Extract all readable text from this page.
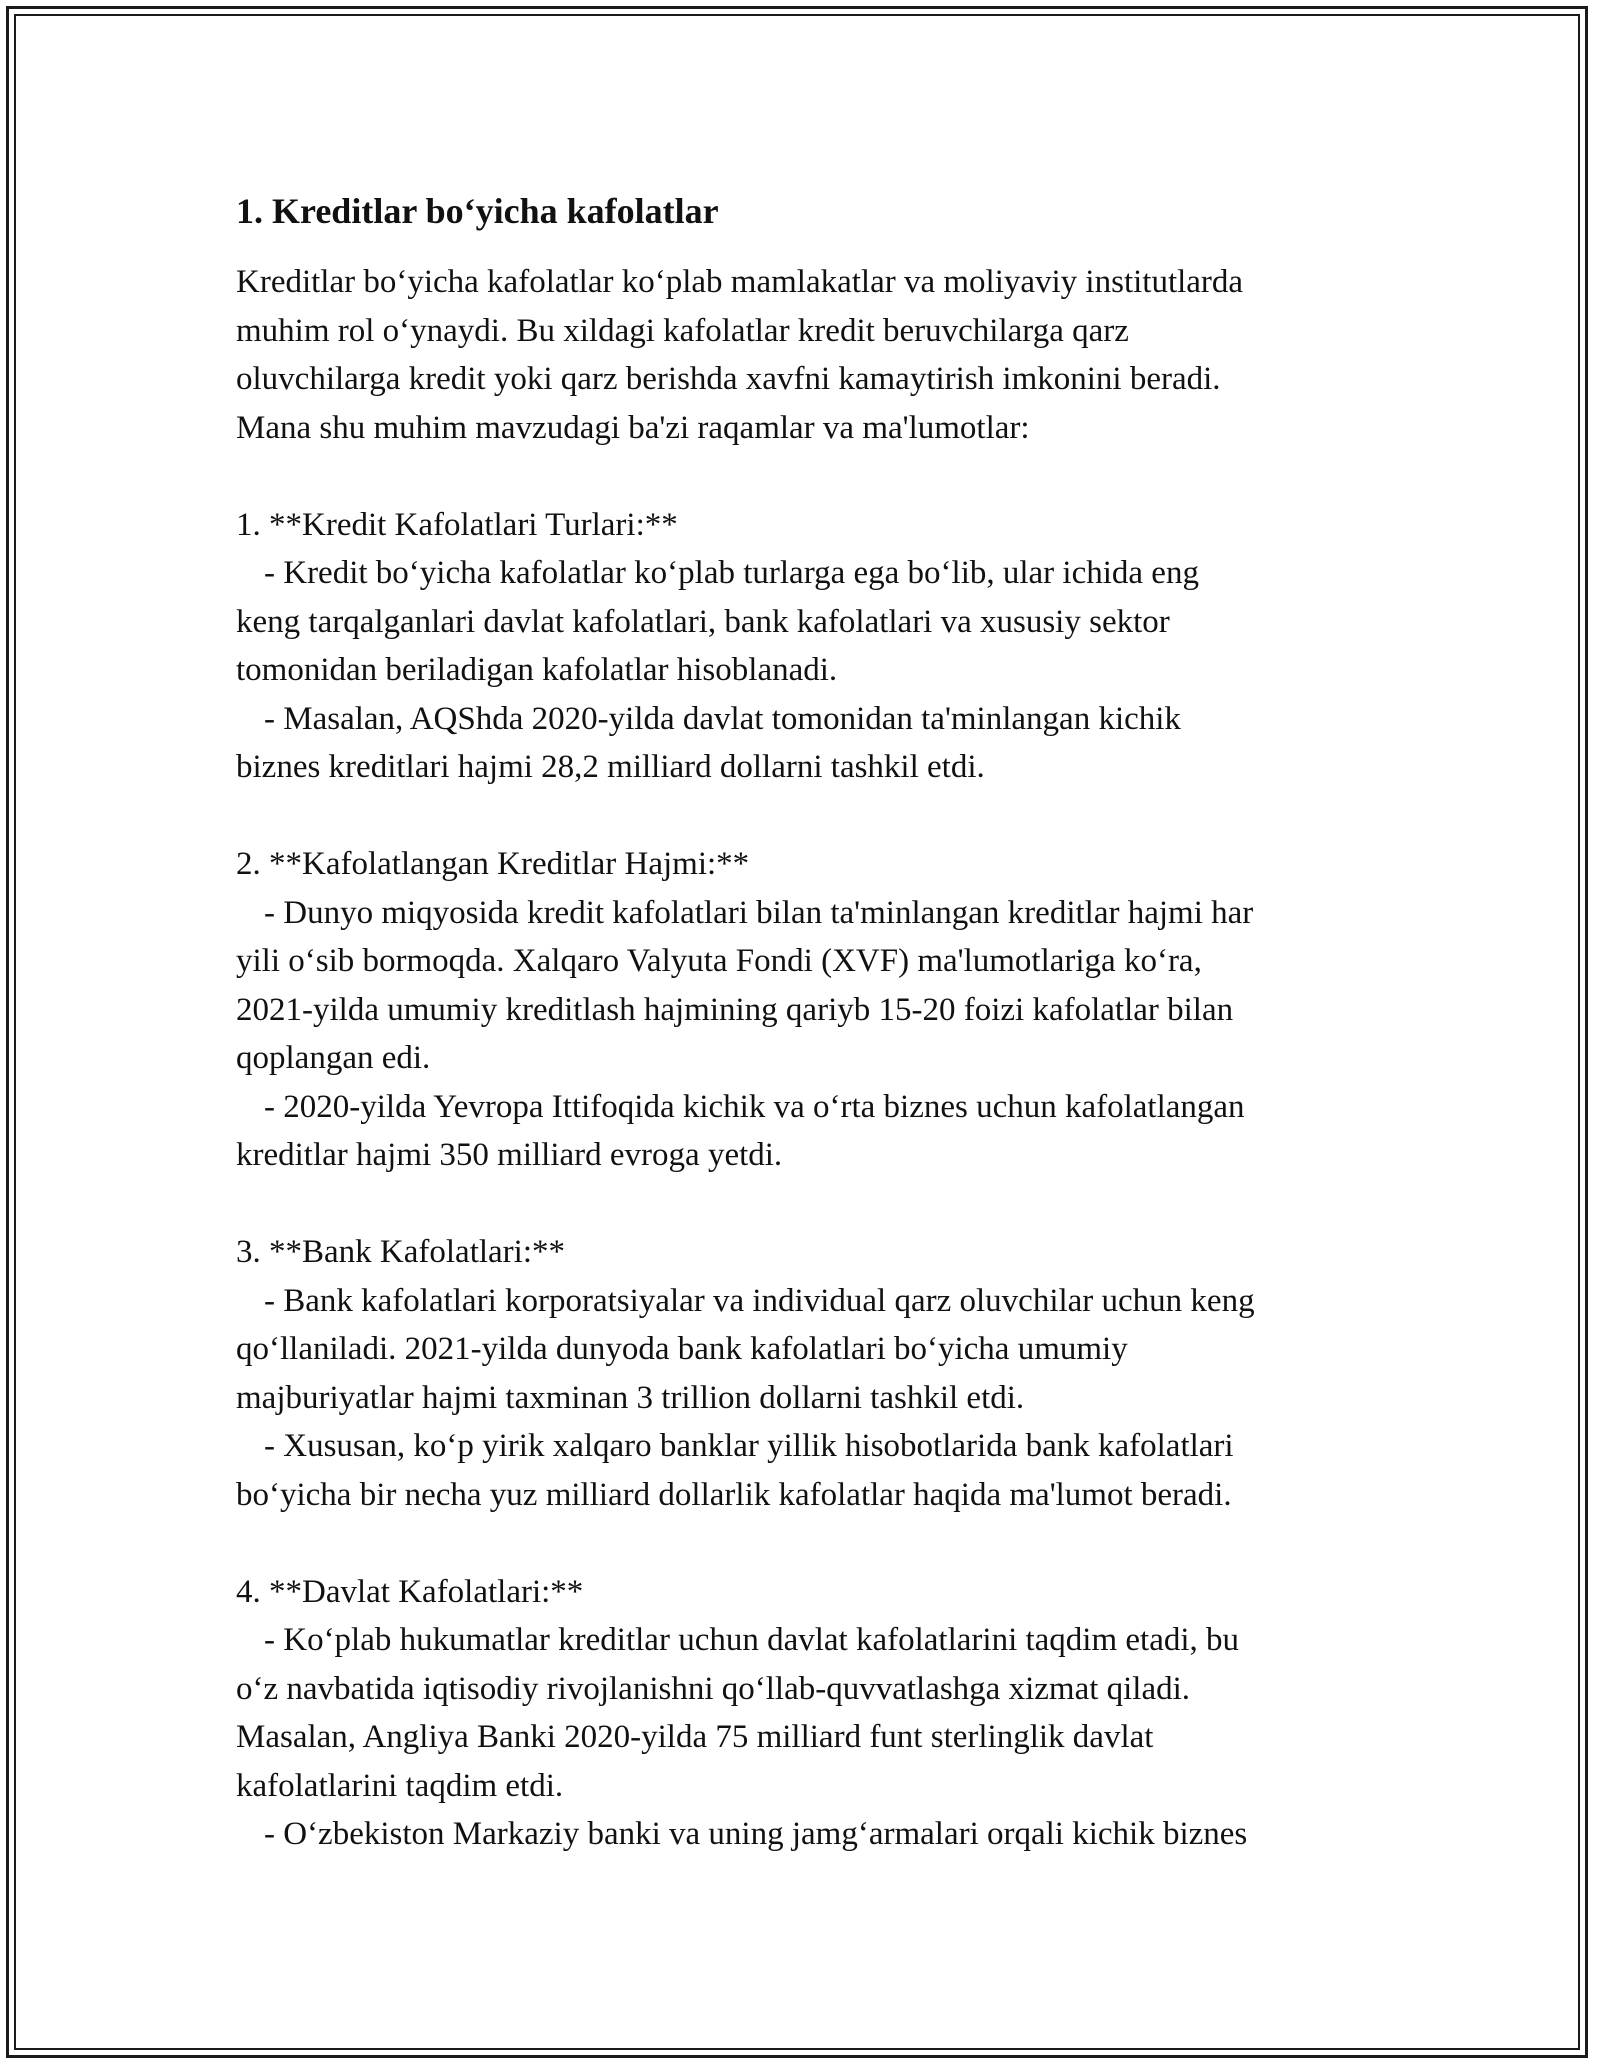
1. Kreditlar bo‘yicha kafolatlar
Kreditlar bo‘yicha kafolatlar ko‘plab mamlakatlar va moliyaviy institutlarda
muhim rol o‘ynaydi. Bu xildagi kafolatlar kredit beruvchilarga qarz
oluvchilarga kredit yoki qarz berishda xavfni kamaytirish imkonini beradi.
Mana shu muhim mavzudagi ba'zi raqamlar va ma'lumotlar:
1. **Kredit Kafolatlari Turlari:**
- Kredit bo‘yicha kafolatlar ko‘plab turlarga ega bo‘lib, ular ichida eng
keng tarqalganlari davlat kafolatlari, bank kafolatlari va xususiy sektor
tomonidan beriladigan kafolatlar hisoblanadi.
- Masalan, AQShda 2020-yilda davlat tomonidan ta'minlangan kichik
biznes kreditlari hajmi 28,2 milliard dollarni tashkil etdi.
2. **Kafolatlangan Kreditlar Hajmi:**
- Dunyo miqyosida kredit kafolatlari bilan ta'minlangan kreditlar hajmi har
yili o‘sib bormoqda. Xalqaro Valyuta Fondi (XVF) ma'lumotlariga ko‘ra,
2021-yilda umumiy kreditlash hajmining qariyb 15-20 foizi kafolatlar bilan
qoplangan edi.
- 2020-yilda Yevropa Ittifoqida kichik va o‘rta biznes uchun kafolatlangan
kreditlar hajmi 350 milliard evroga yetdi.
3. **Bank Kafolatlari:**
- Bank kafolatlari korporatsiyalar va individual qarz oluvchilar uchun keng
qo‘llaniladi. 2021-yilda dunyoda bank kafolatlari bo‘yicha umumiy
majburiyatlar hajmi taxminan 3 trillion dollarni tashkil etdi.
- Xususan, ko‘p yirik xalqaro banklar yillik hisobotlarida bank kafolatlari
bo‘yicha bir necha yuz milliard dollarlik kafolatlar haqida ma'lumot beradi.
4. **Davlat Kafolatlari:**
- Ko‘plab hukumatlar kreditlar uchun davlat kafolatlarini taqdim etadi, bu
o‘z navbatida iqtisodiy rivojlanishni qo‘llab-quvvatlashga xizmat qiladi.
Masalan, Angliya Banki 2020-yilda 75 milliard funt sterlinglik davlat
kafolatlarini taqdim etdi.
- O‘zbekiston Markaziy banki va uning jamg‘armalari orqali kichik biznes
